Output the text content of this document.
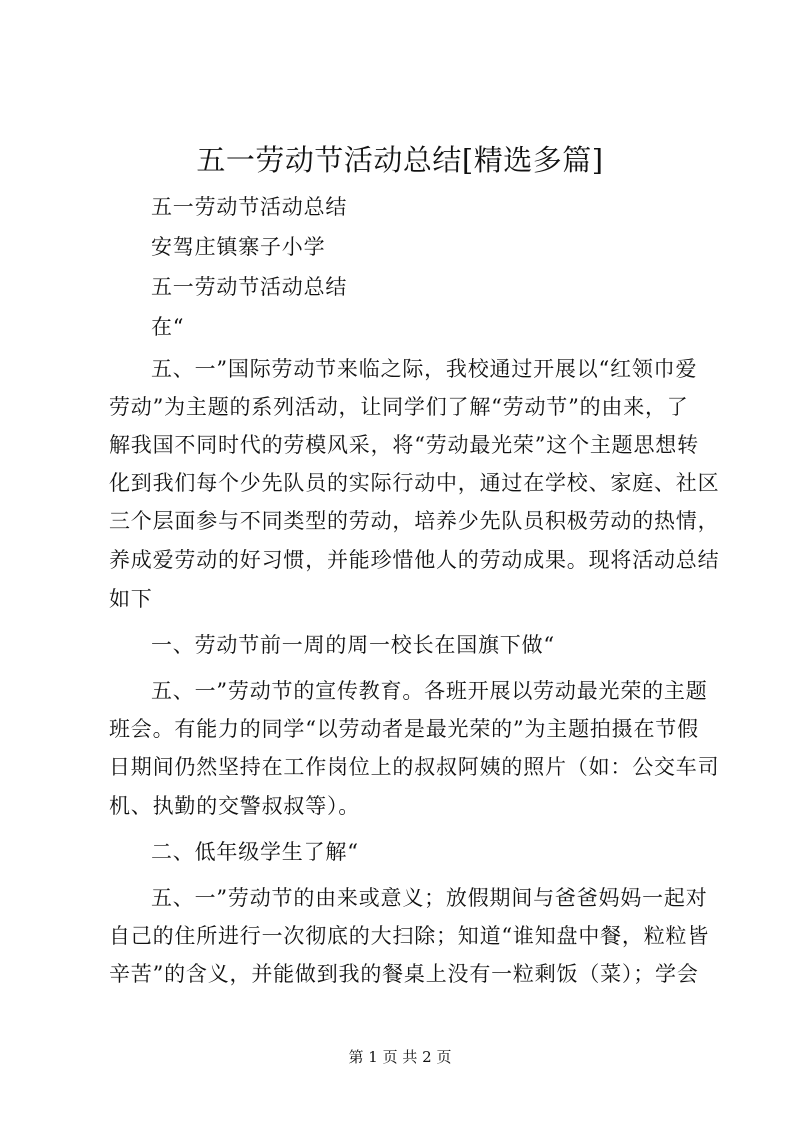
五一劳动节活动总结[精选多篇]

五一劳动节活动总结

安驾庄镇寨子小学

五一劳动节活动总结

在“

五、一”国际劳动节来临之际，我校通过开展以“红领巾爱

劳动”为主题的系列活动，让同学们了解“劳动节”的由来，了

解我国不同时代的劳模风采，将“劳动最光荣”这个主题思想转

化到我们每个少先队员的实际行动中，通过在学校、家庭、社区

三个层面参与不同类型的劳动，培养少先队员积极劳动的热情，

养成爱劳动的好习惯，并能珍惜他人的劳动成果。现将活动总结

如下

一、劳动节前一周的周一校长在国旗下做“

五、一”劳动节的宣传教育。各班开展以劳动最光荣的主题

班会。有能力的同学“以劳动者是最光荣的”为主题拍摄在节假

日期间仍然坚持在工作岗位上的叔叔阿姨的照片（如：公交车司

机、执勤的交警叔叔等）。

二、低年级学生了解“

五、一”劳动节的由来或意义；放假期间与爸爸妈妈一起对

自己的住所进行一次彻底的大扫除；知道“谁知盘中餐，粒粒皆

辛苦”的含义，并能做到我的餐桌上没有一粒剩饭（菜）；学会

第 1 页 共 2 页
